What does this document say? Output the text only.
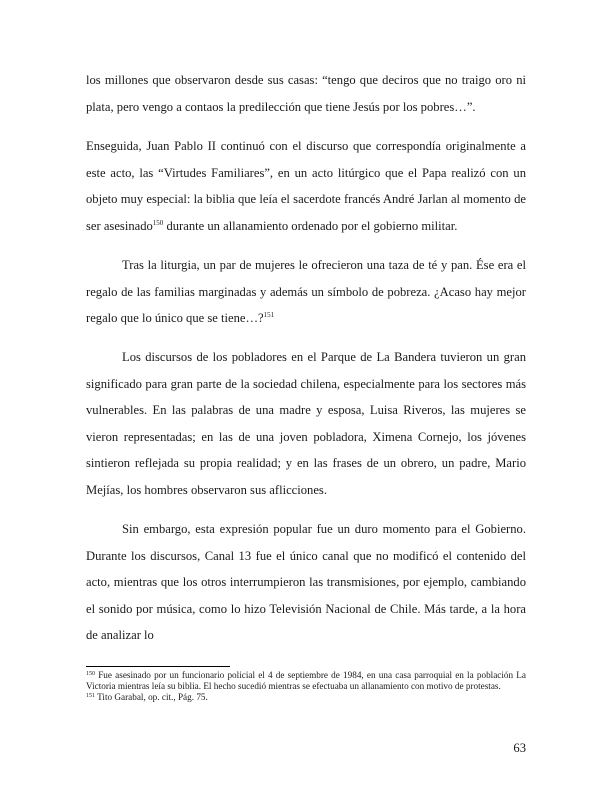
los millones que observaron desde sus casas: “tengo que deciros que no traigo oro ni plata, pero vengo a contaos la predilección que tiene Jesús por los pobres…”.

Enseguida, Juan Pablo II continuó con el discurso que correspondía originalmente a este acto, las “Virtudes Familiares”, en un acto litúrgico que el Papa realizó con un objeto muy especial: la biblia que leía el sacerdote francés André Jarlan al momento de ser asesinado$^{150}$ durante un allanamiento ordenado por el gobierno militar.

Tras la liturgia, un par de mujeres le ofrecieron una taza de té y pan. Ése era el regalo de las familias marginadas y además un símbolo de pobreza. ¿Acaso hay mejor regalo que lo único que se tiene…?$^{151}$

Los discursos de los pobladores en el Parque de La Bandera tuvieron un gran significado para gran parte de la sociedad chilena, especialmente para los sectores más vulnerables. En las palabras de una madre y esposa, Luisa Riveros, las mujeres se vieron representadas; en las de una joven pobladora, Ximena Cornejo, los jóvenes sintieron reflejada su propia realidad; y en las frases de un obrero, un padre, Mario Mejías, los hombres observaron sus aflicciones.

Sin embargo, esta expresión popular fue un duro momento para el Gobierno. Durante los discursos, Canal 13 fue el único canal que no modificó el contenido del acto, mientras que los otros interrumpieron las transmisiones, por ejemplo, cambiando el sonido por música, como lo hizo Televisión Nacional de Chile. Más tarde, a la hora de analizar lo

$^{150}$ Fue asesinado por un funcionario policial el 4 de septiembre de 1984, en una casa parroquial en la población La Victoria mientras leía su biblia. El hecho sucedió mientras se efectuaba un allanamiento con motivo de protestas.

$^{151}$ Tito Garabal, op. cit., Pág. 75.

63
